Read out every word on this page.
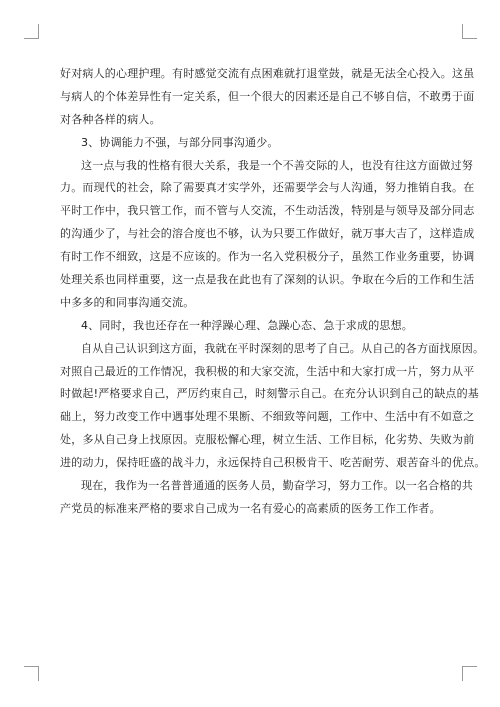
好对病人的心理护理。有时感觉交流有点困难就打退堂鼓，就是无法全心投入。这虽
与病人的个体差异性有一定关系，但一个很大的因素还是自己不够自信，不敢勇于面
对各种各样的病人。
3、协调能力不强，与部分同事沟通少。
这一点与我的性格有很大关系，我是一个不善交际的人，也没有往这方面做过努
力。而现代的社会，除了需要真才实学外，还需要学会与人沟通，努力推销自我。在
平时工作中，我只管工作，而不管与人交流，不生动活泼，特别是与领导及部分同志
的沟通少了，与社会的溶合度也不够，认为只要工作做好，就万事大吉了，这样造成
有时工作不细致，这是不应该的。作为一名入党积极分子，虽然工作业务重要，协调
处理关系也同样重要，这一点是我在此也有了深刻的认识。争取在今后的工作和生活
中多多的和同事沟通交流。
4、同时，我也还存在一种浮躁心理、急躁心态、急于求成的思想。
自从自己认识到这方面，我就在平时深刻的思考了自己。从自己的各方面找原因。
对照自己最近的工作情况，我积极的和大家交流，生活中和大家打成一片，努力从平
时做起!严格要求自己，严厉约束自己，时刻警示自己。在充分认识到自己的缺点的基
础上，努力改变工作中遇事处理不果断、不细致等问题，工作中、生活中有不如意之
处，多从自己身上找原因。克服松懈心理，树立生活、工作目标，化劣势、失败为前
进的动力，保持旺盛的战斗力，永远保持自己积极肯干、吃苦耐劳、艰苦奋斗的优点。
现在，我作为一名普普通通的医务人员，勤奋学习，努力工作。以一名合格的共
产党员的标准来严格的要求自己成为一名有爱心的高素质的医务工作工作者。
